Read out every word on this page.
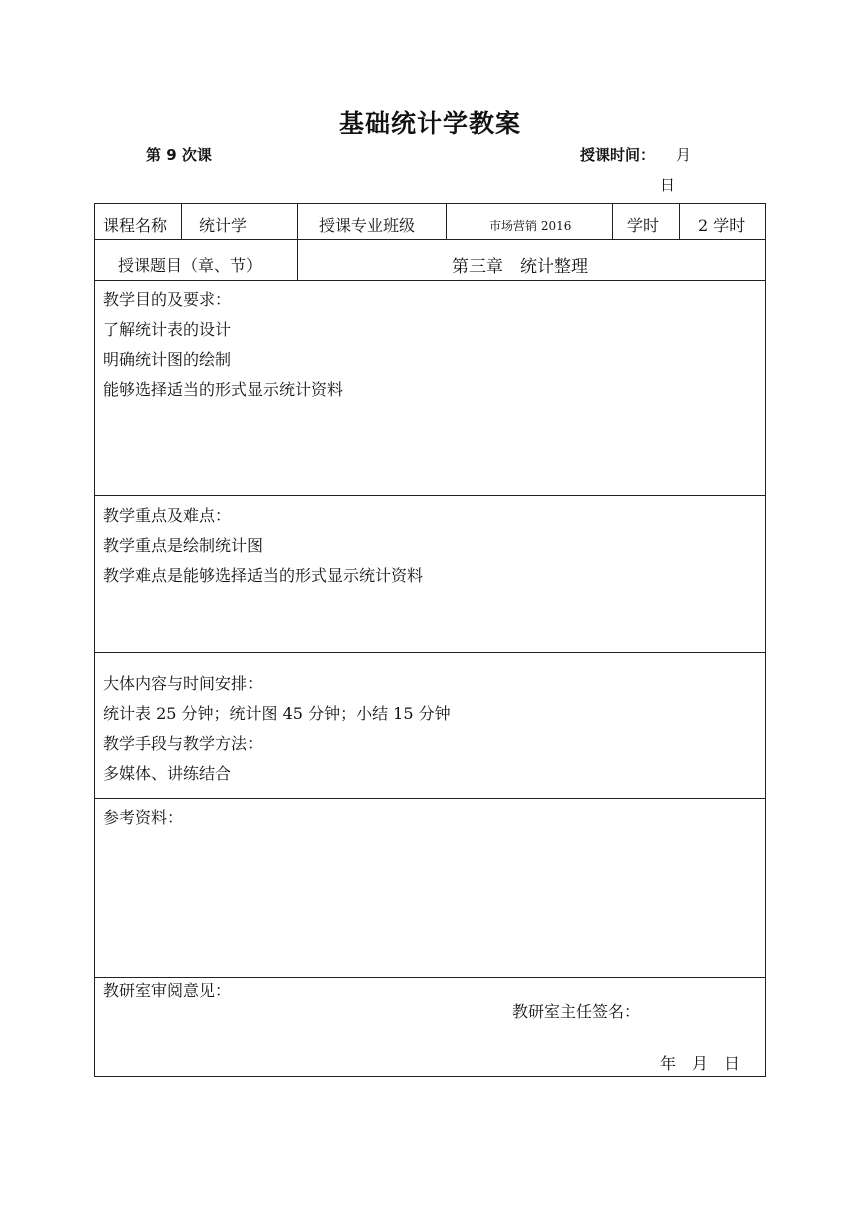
基础统计学教案
第 9 次课	授课时间： 月
日
课程名称 统计学	授课专业班级	市场营销 2016	学时 2 学时
授课题目（章、节）	第三章　统计整理
教学目的及要求：
了解统计表的设计
明确统计图的绘制
能够选择适当的形式显示统计资料
教学重点及难点：
教学重点是绘制统计图
教学难点是能够选择适当的形式显示统计资料
大体内容与时间安排：
统计表 25 分钟；统计图 45 分钟；小结 15 分钟
教学手段与教学方法：
多媒体、讲练结合
参考资料：
教研室审阅意见：
教研室主任签名：
年　月　日
